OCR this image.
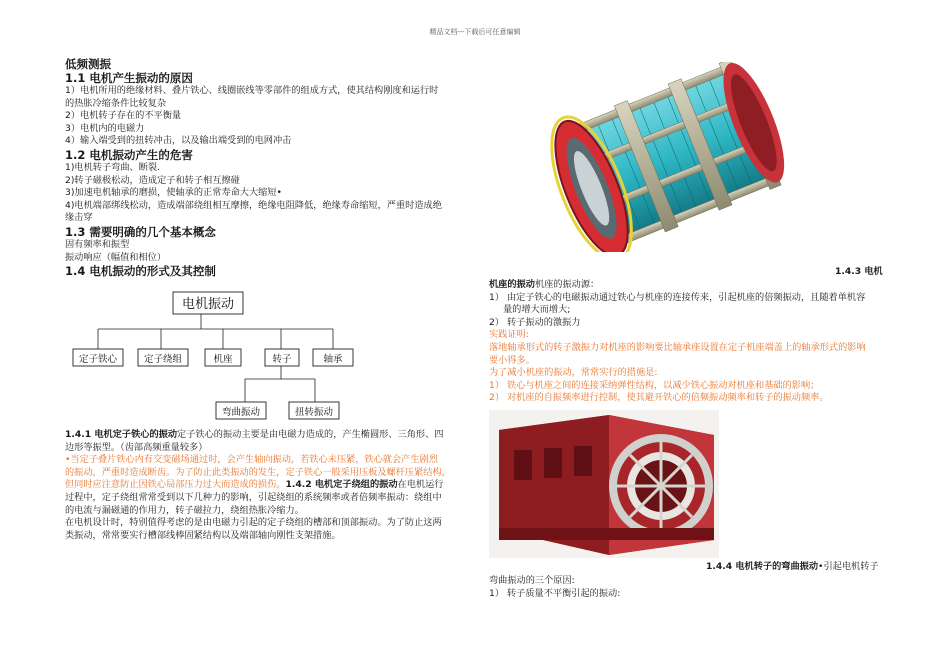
精品文档---下载后可任意编辑
低频测振
1.1 电机产生振动的原因

1）电机所用的绝缘材料、叠片铁心、线圈嵌线等零部件的组成方式，使其结构刚度和运行时

的热胀冷缩条件比较复杂

2）电机转子存在的不平衡量

3）电机内的电磁力

4）输入端受到的扭转冲击，以及输出端受到的电网冲击

1.2 电机振动产生的危害

1)电机转子弯曲、断裂.

2)转子磁极松动，造成定子和转子相互擦碰

3)加速电机轴承的磨损，使轴承的正常寿命大大缩短•

4)电机端部绑线松动，造成端部绕组相互摩擦，绝缘电阻降低，绝缘寿命缩短，严重时造成绝

缘击穿

1.3 需要明确的几个基本概念

固有频率和振型

振动响应（幅值和相位）

1.4 电机振动的形式及其控制
电机振动
定子铁心	定子绕组	机座	转子	轴承
弯曲振动	扭转振动

1.4.1 电机定子铁心的振动定子铁心的振动主要是由电磁力造成的，产生椭圆形、三角形、四

边形等振型。（齿部高频重量较多）

•当定子叠片铁心内有交变磁场通过时，会产生轴向振动，若铁心未压紧，铁心就会产生剧烈

的振动，严重时造成断齿。为了防止此类振动的发生，定子铁心一般采用压板及螺杆压紧结构，

但同时应注意防止因铁心局部压力过大而造成的损伤。1.4.2 电机定子绕组的振动在电机运行

过程中，定子绕组常常受到以下几种力的影响，引起绕组的系统频率或者倍频率振动：绕组中

的电流与漏磁通的作用力，转子磁拉力，绕组热胀冷缩力。

在电机设计时，特别值得考虑的是由电磁力引起的定子绕组的槽部和顶部振动。为了防止这两

类振动，常常要实行槽部线棒固紧结构以及端部轴向刚性支架措施。

1.4.3 电机

机座的振动机座的振动源：

1） 由定子铁心的电磁振动通过铁心与机座的连接传来，引起机座的倍频振动，且随着单机容

量的增大而增大;

2） 转子振动的激振力

实践证明:

落地轴承形式的转子激振力对机座的影响要比轴承座设置在定子机座端盖上的轴承形式的影响

要小得多。

为了减小机座的振动，常常实行的措施是:

1） 铁心与机座之间的连接采纳弹性结构，以减少铁心振动对机座和基础的影响；

2） 对机座的自振频率进行控制，使其避开铁心的倍频振动频率和转子的振动频率。

1.4.4 电机转子的弯曲振动•引起电机转子

弯曲振动的三个原因:

1） 转子质量不平衡引起的振动:
